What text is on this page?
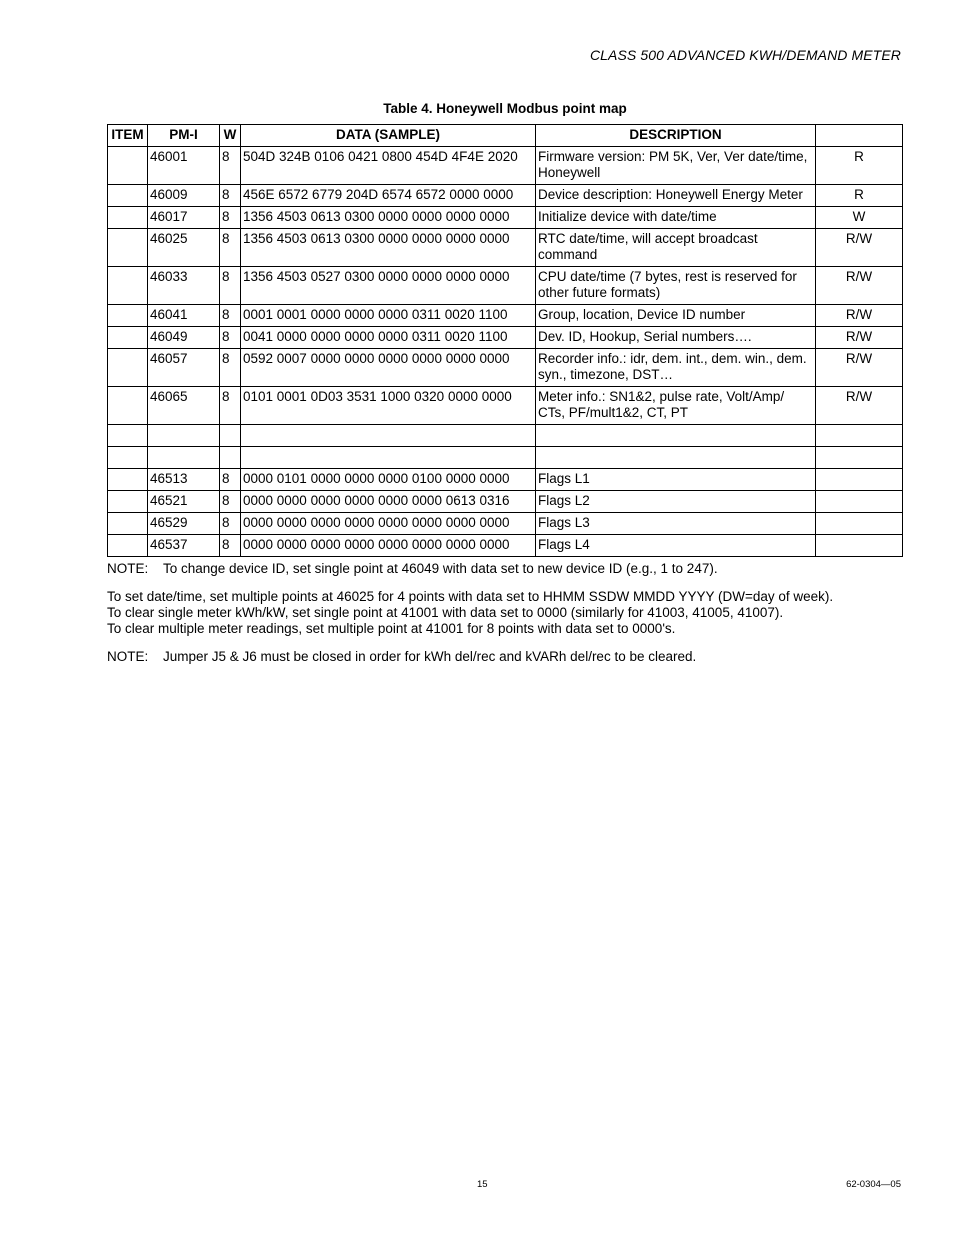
CLASS 500 ADVANCED KWH/DEMAND METER
Table 4. Honeywell Modbus point map
ITEM	PM-I	W	DATA (SAMPLE)	DESCRIPTION	
	46001	8	504D 324B 0106 0421 0800 454D 4F4E 2020	Firmware version: PM 5K, Ver, Ver date/time, Honeywell	R
	46009	8	456E 6572 6779 204D 6574 6572 0000 0000	Device description: Honeywell Energy Meter	R
	46017	8	1356 4503 0613 0300 0000 0000 0000 0000	Initialize device with date/time	W
	46025	8	1356 4503 0613 0300 0000 0000 0000 0000	RTC date/time, will accept broadcast command	R/W
	46033	8	1356 4503 0527 0300 0000 0000 0000 0000	CPU date/time (7 bytes, rest is reserved for other future formats)	R/W
	46041	8	0001 0001 0000 0000 0000 0311 0020 1100	Group, location, Device ID number	R/W
	46049	8	0041 0000 0000 0000 0000 0311 0020 1100	Dev. ID, Hookup, Serial numbers….	R/W
	46057	8	0592 0007 0000 0000 0000 0000 0000 0000	Recorder info.: idr, dem. int., dem. win., dem. syn., timezone, DST…	R/W
	46065	8	0101 0001 0D03 3531 1000 0320 0000 0000	Meter info.: SN1&2, pulse rate, Volt/Amp/ CTs, PF/mult1&2, CT, PT	R/W

	46513	8	0000 0101 0000 0000 0000 0100 0000 0000	Flags L1	
	46521	8	0000 0000 0000 0000 0000 0000 0613 0316	Flags L2	
	46529	8	0000 0000 0000 0000 0000 0000 0000 0000	Flags L3	
	46537	8	0000 0000 0000 0000 0000 0000 0000 0000	Flags L4	
NOTE:	To change device ID, set single point at 46049 with data set to new device ID (e.g., 1 to 247).

To set date/time, set multiple points at 46025 for 4 points with data set to HHMM SSDW MMDD YYYY (DW=day of week).

To clear single meter kWh/kW, set single point at 41001 with data set to 0000 (similarly for 41003, 41005, 41007).

To clear multiple meter readings, set multiple point at 41001 for 8 points with data set to 0000's.

NOTE:	Jumper J5 & J6 must be closed in order for kWh del/rec and kVARh del/rec to be cleared.
15	62-0304—05
